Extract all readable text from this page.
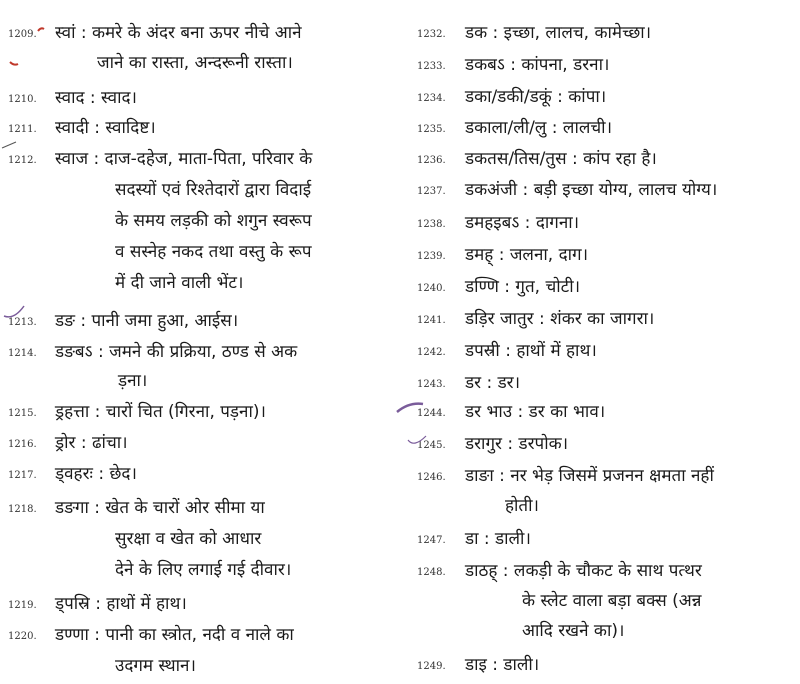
1209. स्वां : कमरे के अंदर बना ऊपर नीचे आने
जाने का रास्ता, अन्दरूनी रास्ता।
1210. स्वाद : स्वाद।
1211. स्वादी : स्वादिष्ट।
1212. स्वाज : दाज-दहेज, माता-पिता, परिवार के
सदस्यों एवं रिश्तेदारों द्वारा विदाई
के समय लड़की को शगुन स्वरूप
व सस्नेह नकद तथा वस्तु के रूप
में दी जाने वाली भेंट।
1213. डङ : पानी जमा हुआ, आईस।
1214. डङबऽ : जमने की प्रक्रिया, ठण्ड से अक
ड़ना।
1215. ड्रहत्ता : चारों चित (गिरना, पड़ना)।
1216. ड्रोर : ढांचा।
1217. ड्वहरः : छेद।
1218. डङगा : खेत के चारों ओर सीमा या
सुरक्षा व खेत को आधार
देने के लिए लगाई गई दीवार।
1219. ड्पस्रि : हाथों में हाथ।
1220. डण्णा : पानी का स्त्रोत, नदी व नाले का
उदगम स्थान।
1232. डक : इच्छा, लालच, कामेच्छा।
1233. डकबऽ : कांपना, डरना।
1234. डका/डकी/डकूं : कांपा।
1235. डकाला/ली/लु : लालची।
1236. डकतस/तिस/तुस : कांप रहा है।
1237. डकअंजी : बड़ी इच्छा योग्य, लालच योग्य।
1238. डमहइबऽ : दागना।
1239. डमह् : जलना, दाग।
1240. डण्णि : गुत, चोटी।
1241. डड़िर जातुर : शंकर का जागरा।
1242. डपस्री : हाथों में हाथ।
1243. डर : डर।
1244. डर भाउ : डर का भाव।
1245. डरागुर : डरपोक।
1246. डाङा : नर भेड़ जिसमें प्रजनन क्षमता नहीं
होती।
1247. डा : डाली।
1248. डाठह् : लकड़ी के चौकट के साथ पत्थर
के स्लेट वाला बड़ा बक्स (अन्न
आदि रखने का)।
1249. डाइ : डाली।
